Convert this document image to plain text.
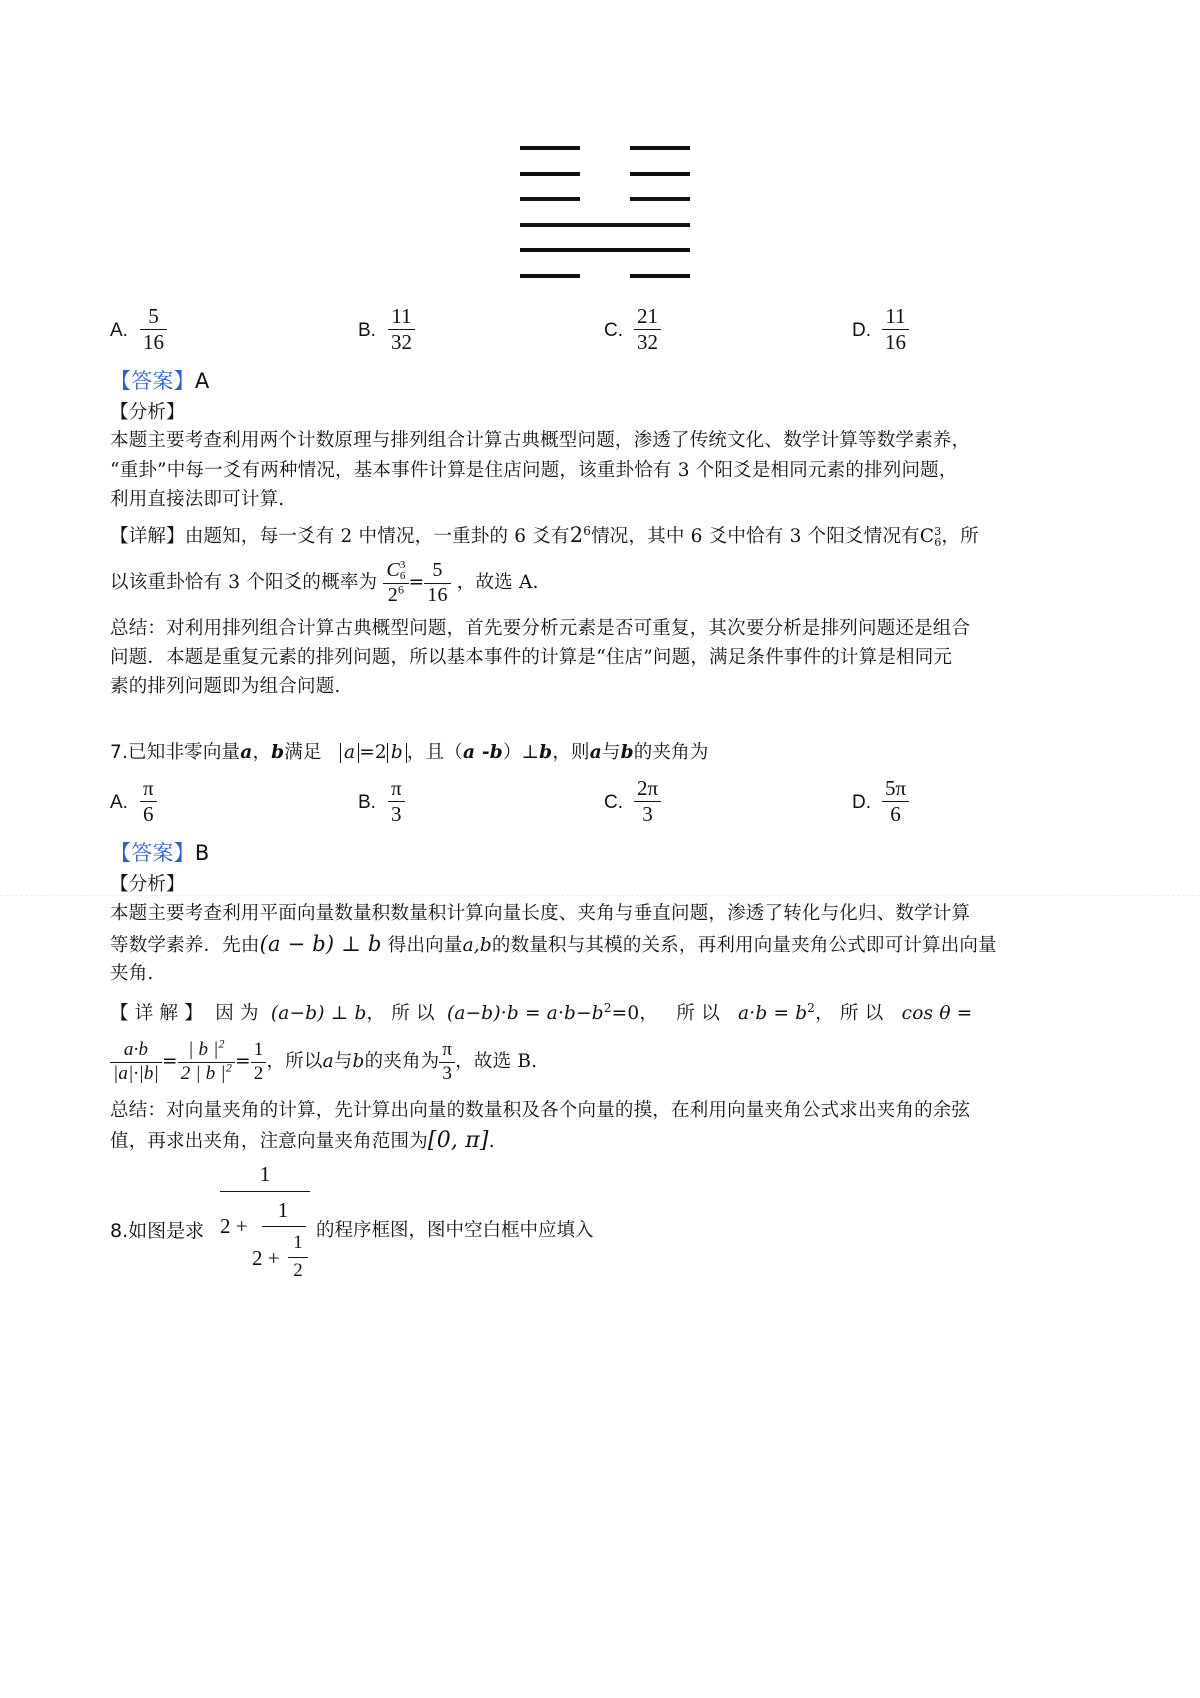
A.
5
16	B.
11
32	C.
21
32	D.
11
16
【答案】A
【分析】
本题主要考查利用两个计数原理与排列组合计算古典概型问题，渗透了传统文化、数学计算等数学素养，
“重卦”中每一爻有两种情况，基本事件计算是住店问题，该重卦恰有 3 个阳爻是相同元素的排列问题，
利用直接法即可计算.
【详解】由题知，每一爻有 2 中情况，一重卦的 6 爻有$2^6$情况，其中 6 爻中恰有 3 个阳爻情况有C 3
6 ，所
以该重卦恰有 3 个阳爻的概率为 C 3
6
$2^6 = \frac{5}{16}$ ，故选 A.
总结：对利用排列组合计算古典概型问题，首先要分析元素是否可重复，其次要分析是排列问题还是组合
问题．本题是重复元素的排列问题，所以基本事件的计算是“住店”问题，满足条件事件的计算是相同元
素的排列问题即为组合问题.
7.已知非零向量a，b满足 a =2 b ，且（a -b）⊥b，则a与b的夹角为
A.
π
6	B.
π
3	C.
2π
3	D.
5π
6
【答案】B
【分析】
本题主要考查利用平面向量数量积数量积计算向量长度、夹角与垂直问题，渗透了转化与化归、数学计算
等数学素养．先由(a − b) ⊥ b 得出向量a,b的数量积与其模的关系，再利用向量夹角公式即可计算出向量
夹角.
【 详 解 】 因 为 (a−b) ⊥ b， 所 以 $(a-b)\cdot b = a\cdot b-b^2=0$， 所 以 $a\cdot b = b^2$， 所 以 cos θ =
$\frac{a\cdot b}{|a|\cdot|b|} = \frac{| b |^2}{2 | b |^2} = \frac{1}{2}$ ，所以a与b的夹角为 $\frac{\pi}{3}$ ，故选 B.
总结：对向量夹角的计算，先计算出向量的数量积及各个向量的摸，在利用向量夹角公式求出夹角的余弦
值，再求出夹角，注意向量夹角范围为[0, π].
8.如图是求
1
2 +
1
2 +
1
2
的程序框图，图中空白框中应填入
